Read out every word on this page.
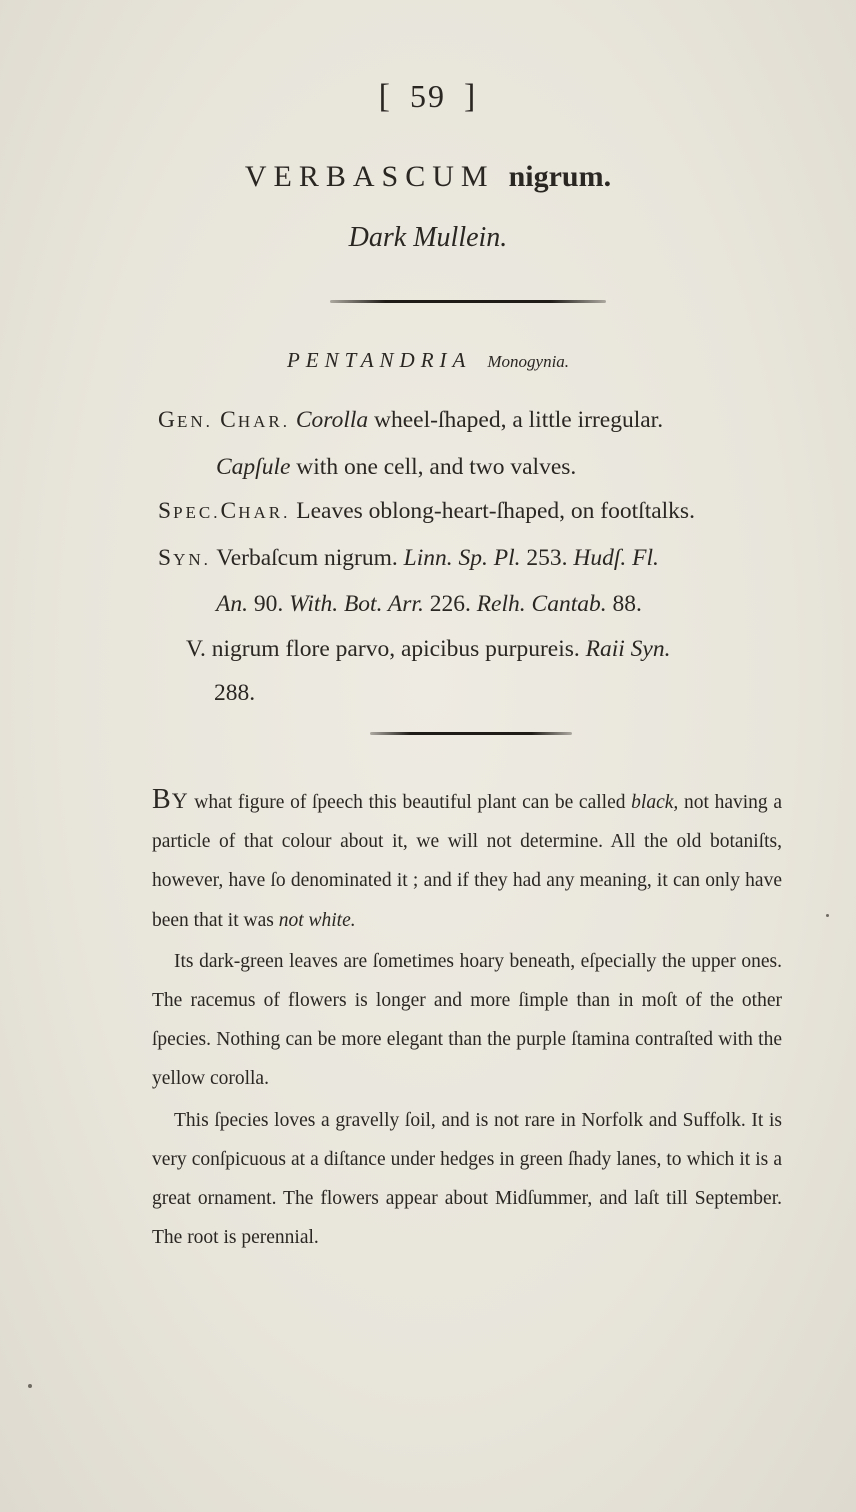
[ 59 ]
VERBASCUM nigrum.
Dark Mullein.
PENTANDRIA Monogynia.
GEN. CHAR. Corolla wheel-ſhaped, a little irregular.
Capſule with one cell, and two valves.
SPEC.CHAR. Leaves oblong-heart-ſhaped, on footſtalks.
SYN. Verbaſcum nigrum. Linn. Sp. Pl. 253. Hudſ. Fl.
An. 90. With. Bot. Arr. 226. Relh. Cantab. 88.
V. nigrum flore parvo, apicibus purpureis. Raii Syn.
288.

BY what figure of ſpeech this beautiful plant can be called black, not having a particle of that colour about it, we will not determine. All the old botaniſts, however, have ſo denominated it ; and if they had any meaning, it can only have been that it was not white.

Its dark-green leaves are ſometimes hoary beneath, eſpecially the upper ones. The racemus of flowers is longer and more ſimple than in moſt of the other ſpecies. Nothing can be more elegant than the purple ſtamina contraſted with the yellow corolla.

This ſpecies loves a gravelly ſoil, and is not rare in Norfolk and Suffolk. It is very conſpicuous at a diſtance under hedges in green ſhady lanes, to which it is a great ornament. The flowers appear about Midſummer, and laſt till September. The root is perennial.
